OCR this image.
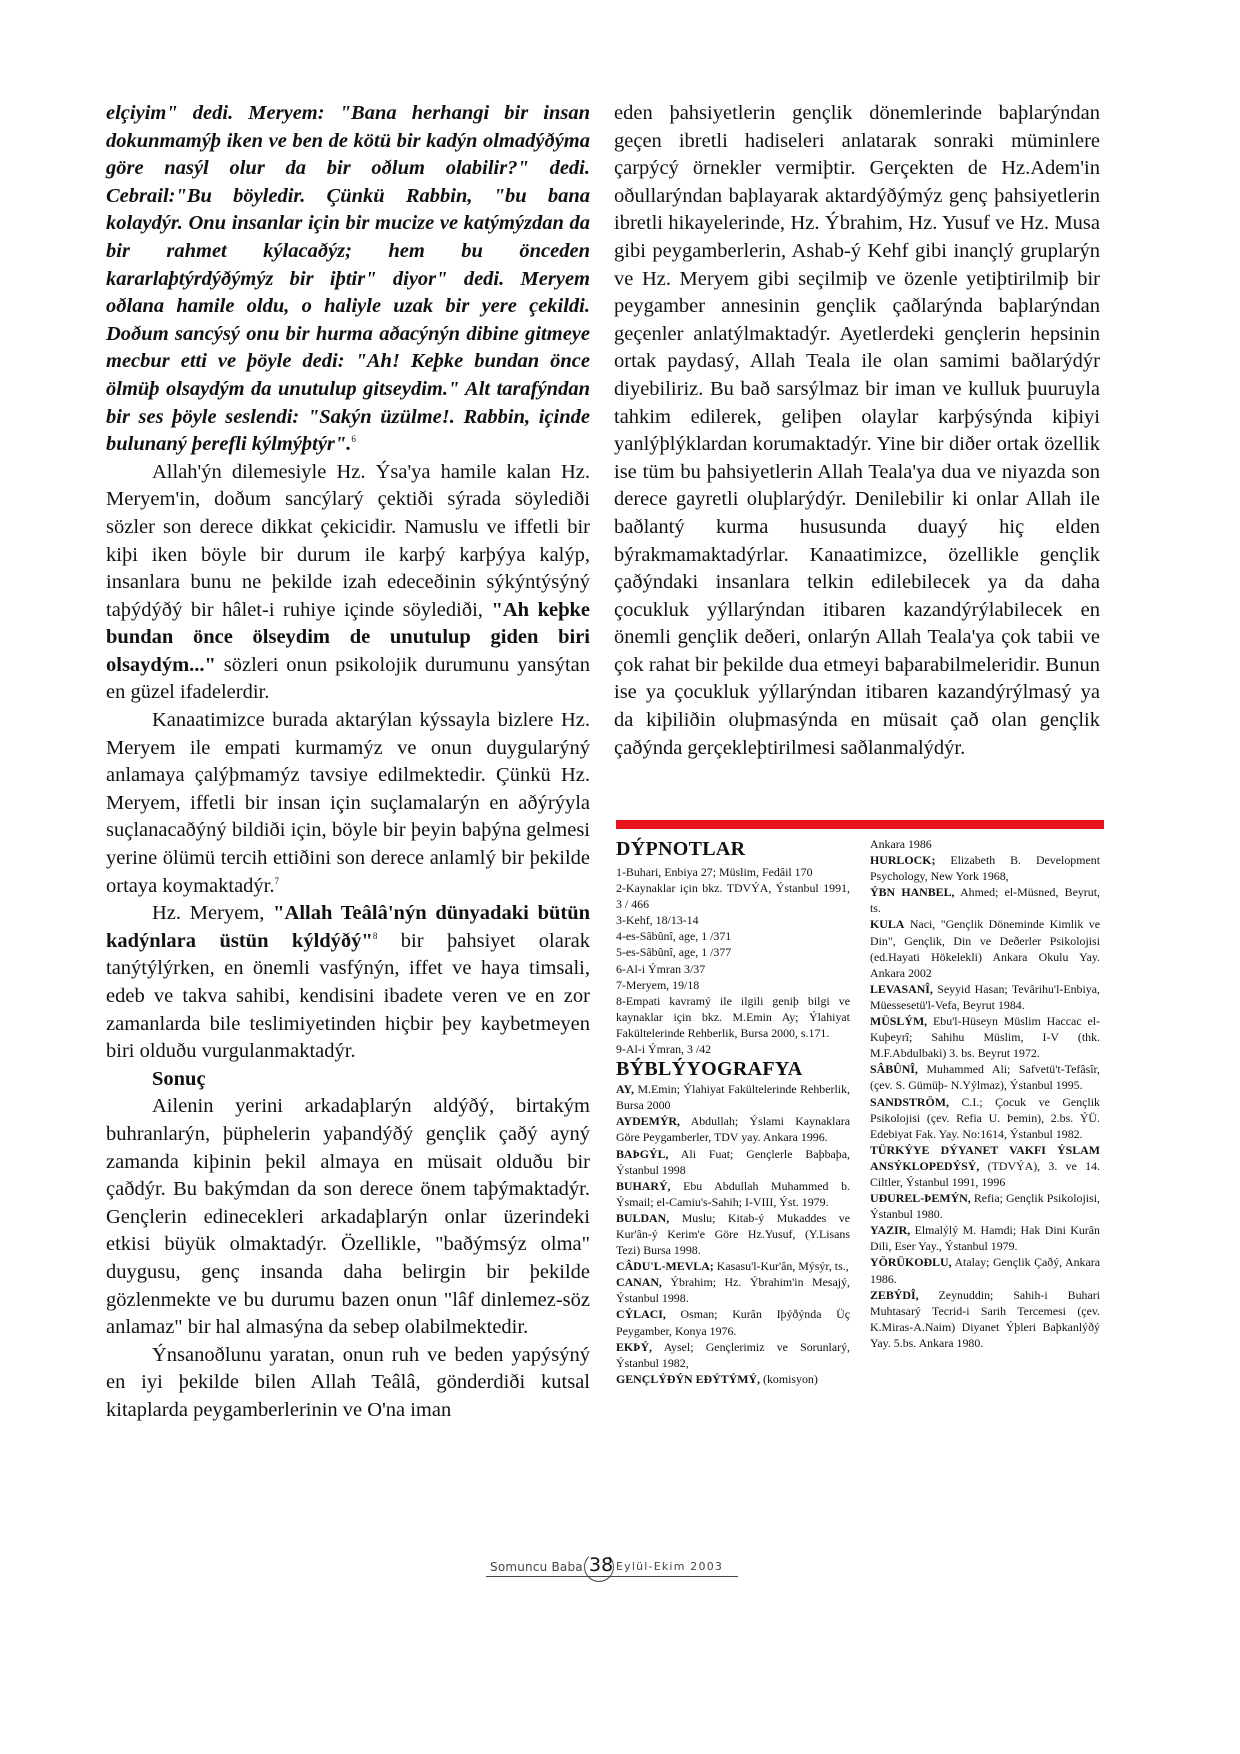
elçiyim" dedi. Meryem: "Bana herhangi bir insan dokunmamýþ iken ve ben de kötü bir kadýn olmadýðýma göre nasýl olur da bir oðlum olabilir?" dedi. Cebrail:"Bu böyledir. Çünkü Rabbin, "bu bana kolaydýr. Onu insanlar için bir mucize ve katýmýzdan da bir rahmet kýlacaðýz; hem bu önceden kararlaþtýrdýðýmýz bir iþtir" diyor" dedi. Meryem oðlana hamile oldu, o haliyle uzak bir yere çekildi. Doðum sancýsý onu bir hurma aðacýnýn dibine gitmeye mecbur etti ve þöyle dedi: "Ah! Keþke bundan önce ölmüþ olsaydým da unutulup gitseydim." Alt tarafýndan bir ses þöyle seslendi: "Sakýn üzülme!. Rabbin, içinde bulunaný þerefli kýlmýþtýr".$^6$

Allah'ýn dilemesiyle Hz. Ýsa'ya hamile kalan Hz. Meryem'in, doðum sancýlarý çektiði sýrada söylediði sözler son derece dikkat çekicidir. Namuslu ve iffetli bir kiþi iken böyle bir durum ile karþý karþýya kalýp, insanlara bunu ne þekilde izah edeceðinin sýkýntýsýný taþýdýðý bir hâlet-i ruhiye içinde söylediði, "Ah keþke bundan önce ölseydim de unutulup giden biri olsaydým..." sözleri onun psikolojik durumunu yansýtan en güzel ifadelerdir.

Kanaatimizce burada aktarýlan kýssayla bizlere Hz. Meryem ile empati kurmamýz ve onun duygularýný anlamaya çalýþmamýz tavsiye edilmektedir. Çünkü Hz. Meryem, iffetli bir insan için suçlamalarýn en aðýrýyla suçlanacaðýný bildiði için, böyle bir þeyin baþýna gelmesi yerine ölümü tercih ettiðini son derece anlamlý bir þekilde ortaya koymaktadýr.$^7$

Hz. Meryem, "Allah Teâlâ'nýn dünyadaki bütün kadýnlara üstün kýldýðý"$^8$ bir þahsiyet olarak tanýtýlýrken, en önemli vasfýnýn, iffet ve haya timsali, edeb ve takva sahibi, kendisini ibadete veren ve en zor zamanlarda bile teslimiyetinden hiçbir þey kaybetmeyen biri olduðu vurgulanmaktadýr.

Sonuç

Ailenin yerini arkadaþlarýn aldýðý, birtakým buhranlarýn, þüphelerin yaþandýðý gençlik çaðý ayný zamanda kiþinin þekil almaya en müsait olduðu bir çaðdýr. Bu bakýmdan da son derece önem taþýmaktadýr. Gençlerin edinecekleri arkadaþlarýn onlar üzerindeki etkisi büyük olmaktadýr. Özellikle, "baðýmsýz olma" duygusu, genç insanda daha belirgin bir þekilde gözlenmekte ve bu durumu bazen onun "lâf dinlemez-söz anlamaz" bir hal almasýna da sebep olabilmektedir.

Ýnsanoðlunu yaratan, onun ruh ve beden yapýsýný en iyi þekilde bilen Allah Teâlâ, gönderdiði kutsal kitaplarda peygamberlerinin ve O'na iman

eden þahsiyetlerin gençlik dönemlerinde baþlarýndan geçen ibretli hadiseleri anlatarak sonraki müminlere çarpýcý örnekler vermiþtir. Gerçekten de Hz.Adem'in oðullarýndan baþlayarak aktardýðýmýz genç þahsiyetlerin ibretli hikayelerinde, Hz. Ýbrahim, Hz. Yusuf ve Hz. Musa gibi peygamberlerin, Ashab-ý Kehf gibi inançlý gruplarýn ve Hz. Meryem gibi seçilmiþ ve özenle yetiþtirilmiþ bir peygamber annesinin gençlik çaðlarýnda baþlarýndan geçenler anlatýlmaktadýr. Ayetlerdeki gençlerin hepsinin ortak paydasý, Allah Teala ile olan samimi baðlarýdýr diyebiliriz. Bu bað sarsýlmaz bir iman ve kulluk þuuruyla tahkim edilerek, geliþen olaylar karþýsýnda kiþiyi yanlýþlýklardan korumaktadýr. Yine bir diðer ortak özellik ise tüm bu þahsiyetlerin Allah Teala'ya dua ve niyazda son derece gayretli oluþlarýdýr. Denilebilir ki onlar Allah ile baðlantý kurma hususunda duayý hiç elden býrakmamaktadýrlar. Kanaatimizce, özellikle gençlik çaðýndaki insanlara telkin edilebilecek ya da daha çocukluk yýllarýndan itibaren kazandýrýlabilecek en önemli gençlik deðeri, onlarýn Allah Teala'ya çok tabii ve çok rahat bir þekilde dua etmeyi baþarabilmeleridir. Bunun ise ya çocukluk yýllarýndan itibaren kazandýrýlmasý ya da kiþiliðin oluþmasýnda en müsait çað olan gençlik çaðýnda gerçekleþtirilmesi saðlanmalýdýr.

DÝPNOTLAR

1-Buhari, Enbiya 27; Müslim, Fedâil 170

2-Kaynaklar için bkz. TDVÝA, Ýstanbul 1991, 3 / 466

3-Kehf, 18/13-14

4-es-Sâbûnî, age, 1 /371

5-es-Sâbûnî, age, 1 /377

6-Al-i Ýmran 3/37

7-Meryem, 19/18

8-Empati kavramý ile ilgili geniþ bilgi ve kaynaklar için bkz. M.Emin Ay; Ýlahiyat Fakültelerinde Rehberlik, Bursa 2000, s.171.

9-Al-i Ýmran, 3 /42

BÝBLÝYOGRAFYA

AY, M.Emin; Ýlahiyat Fakültelerinde Rehberlik, Bursa 2000

AYDEMÝR, Abdullah; Ýslami Kaynaklara Göre Peygamberler, TDV yay. Ankara 1996.

BAÞGÝL, Ali Fuat; Gençlerle Baþbaþa, Ýstanbul 1998

BUHARÝ, Ebu Abdullah Muhammed b. Ýsmail; el-Camiu's-Sahih; I-VIII, Ýst. 1979.

BULDAN, Muslu; Kitab-ý Mukaddes ve Kur'ân-ý Kerim'e Göre Hz.Yusuf, (Y.Lisans Tezi) Bursa 1998.

CÂDU'L-MEVLA; Kasasu'l-Kur'ân, Mýsýr, ts.,

CANAN, Ýbrahim; Hz. Ýbrahim'in Mesajý, Ýstanbul 1998.

CÝLACI, Osman; Kurân Iþýðýnda Üç Peygamber, Konya 1976.

EKÞÝ, Aysel; Gençlerimiz ve Sorunlarý, Ýstanbul 1982,

GENÇLÝÐÝN EÐÝTÝMÝ, (komisyon)

Ankara 1986

HURLOCK; Elizabeth B. Development Psychology, New York 1968,

ÝBN HANBEL, Ahmed; el-Müsned, Beyrut, ts.

KULA Naci, "Gençlik Döneminde Kimlik ve Din", Gençlik, Din ve Deðerler Psikolojisi (ed.Hayati Hökelekli) Ankara Okulu Yay. Ankara 2002

LEVASANÎ, Seyyid Hasan; Tevârihu'l-Enbiya, Müessesetü'l-Vefa, Beyrut 1984.

MÜSLÝM, Ebu'l-Hüseyn Müslim Haccac el-Kuþeyrî; Sahihu Müslim, I-V (thk. M.F.Abdulbaki) 3. bs. Beyrut 1972.

SÂBÛNÎ, Muhammed Ali; Safvetü't-Tefâsîr, (çev. S. Gümüþ- N.Yýlmaz), Ýstanbul 1995.

SANDSTRÖM, C.I.; Çocuk ve Gençlik Psikolojisi (çev. Refia U. Þemin), 2.bs. ÝÜ. Edebiyat Fak. Yay. No:1614, Ýstanbul 1982.

TÜRKÝYE DÝYANET VAKFI ÝSLAM ANSÝKLOPEDÝSÝ, (TDVÝA), 3. ve 14. Ciltler, Ýstanbul 1991, 1996

UÐUREL-ÞEMÝN, Refia; Gençlik Psikolojisi, Ýstanbul 1980.

YAZIR, Elmalýlý M. Hamdi; Hak Dini Kurân Dili, Eser Yay., Ýstanbul 1979.

YÖRÜKOÐLU, Atalay; Gençlik Çaðý, Ankara 1986.

ZEBÝDÎ, Zeynuddin; Sahih-i Buhari Muhtasarý Tecrid-i Sarih Tercemesi (çev. K.Miras-A.Naim) Diyanet Ýþleri Baþkanlýðý Yay. 5.bs. Ankara 1980.

Somuncu Baba 38 Eylül-Ekim 2003
